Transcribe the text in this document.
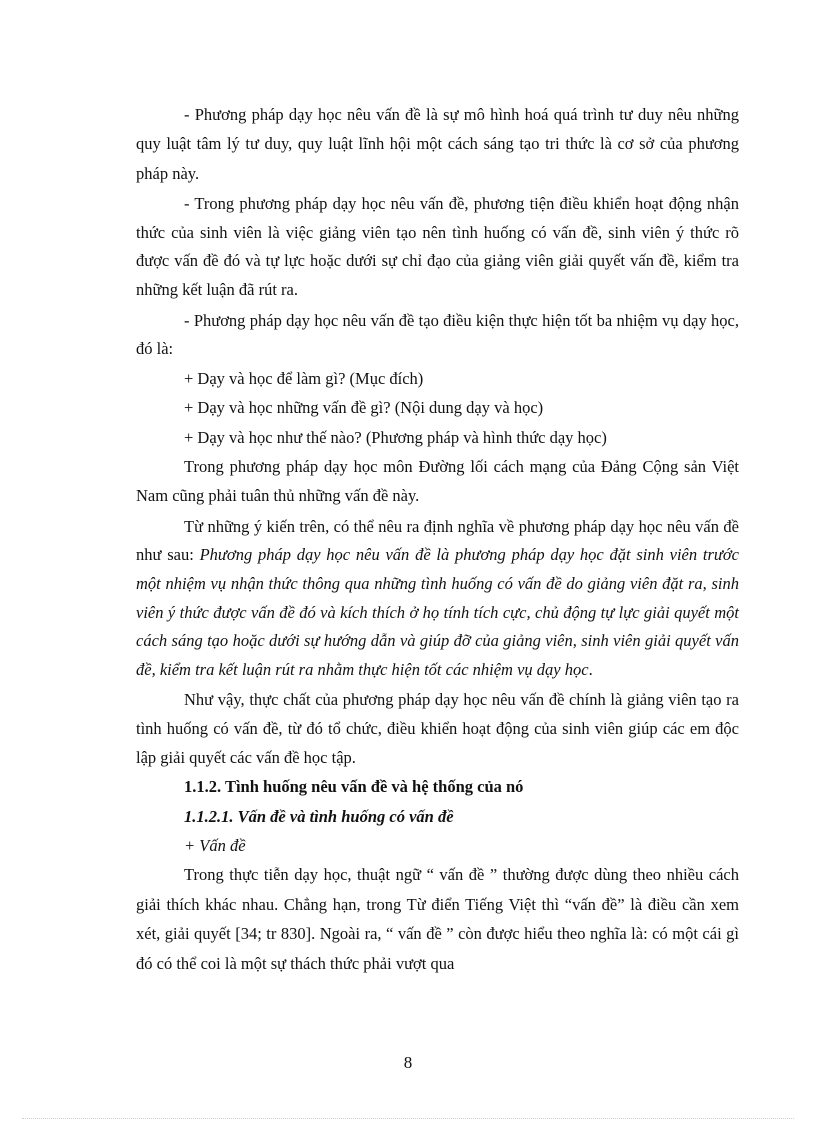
- Phương pháp dạy học nêu vấn đề là sự mô hình hoá quá trình tư duy nêu những quy luật tâm lý tư duy, quy luật lĩnh hội một cách sáng tạo tri thức là cơ sở của phương pháp này.

- Trong phương pháp dạy học nêu vấn đề, phương tiện điều khiển hoạt động nhận thức của sinh viên là việc giảng viên tạo nên tình huống có vấn đề, sinh viên ý thức rõ được vấn đề đó và tự lực hoặc dưới sự chỉ đạo của giảng viên giải quyết vấn đề, kiểm tra những kết luận đã rút ra.

- Phương pháp dạy học nêu vấn đề tạo điều kiện thực hiện tốt ba nhiệm vụ dạy học, đó là:

+ Dạy và học để làm gì? (Mục đích)

+ Dạy và học những vấn đề gì? (Nội dung dạy và học)

+ Dạy và học như thế nào? (Phương pháp và hình thức dạy học)

Trong phương pháp dạy học môn Đường lối cách mạng của Đảng Cộng sản Việt Nam cũng phải tuân thủ những vấn đề này.

Từ những ý kiến trên, có thể nêu ra định nghĩa về phương pháp dạy học nêu vấn đề như sau: Phương pháp dạy học nêu vấn đề là phương pháp dạy học đặt sinh viên trước một nhiệm vụ nhận thức thông qua những tình huống có vấn đề do giảng viên đặt ra, sinh viên ý thức được vấn đề đó và kích thích ở họ tính tích cực, chủ động tự lực giải quyết một cách sáng tạo hoặc dưới sự hướng dẫn và giúp đỡ của giảng viên, sinh viên giải quyết vấn đề, kiểm tra kết luận rút ra nhằm thực hiện tốt các nhiệm vụ dạy học.

Như vậy, thực chất của phương pháp dạy học nêu vấn đề chính là giảng viên tạo ra tình huống có vấn đề, từ đó tổ chức, điều khiển hoạt động của sinh viên giúp các em độc lập giải quyết các vấn đề học tập.

1.1.2. Tình huống nêu vấn đề và hệ thống của nó
1.1.2.1. Vấn đề và tình huống có vấn đề

+ Vấn đề

Trong thực tiễn dạy học, thuật ngữ “ vấn đề ” thường được dùng theo nhiều cách giải thích khác nhau. Chẳng hạn, trong Từ điển Tiếng Việt thì “vấn đề” là điều cần xem xét, giải quyết [34; tr 830]. Ngoài ra, “ vấn đề ” còn được hiểu theo nghĩa là: có một cái gì đó có thể coi là một sự thách thức phải vượt qua

8
